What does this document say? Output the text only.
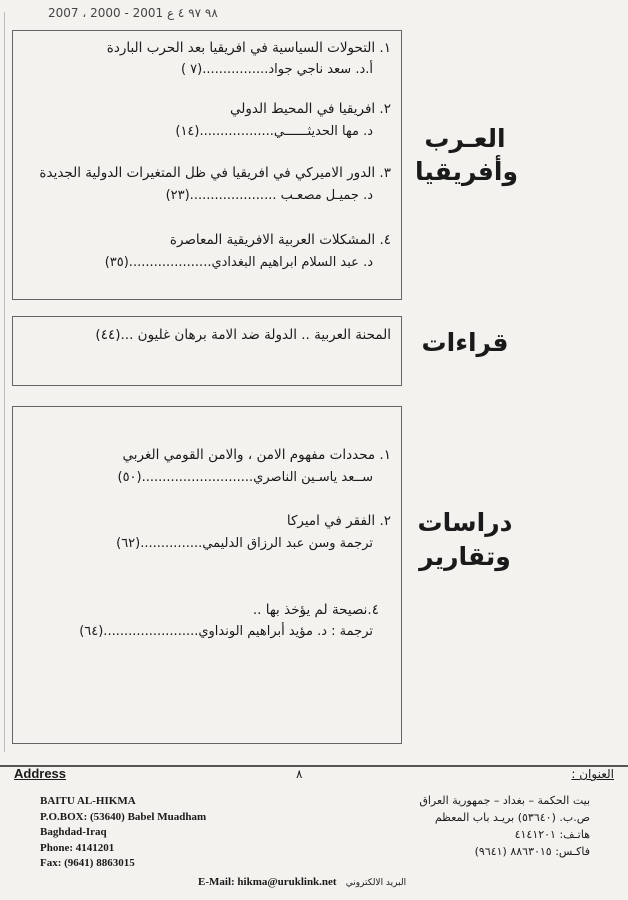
٩٨ ٩٧ ٤ ع 2001 - 2000 ، 2007
١. التحولات السياسية في افريقيا بعد الحرب الباردة
أ.د. سعد ناجي جواد................(٧ )
٢. افريقيا في المحيط الدولي
د. مها الحديثــــــي..................(١٤)
٣. الدور الاميركي في افريقيا في ظل المتغيرات الدولية الجديدة
د. جميـل مصعـب .....................(٢٣)
٤. المشكلات العربية الافريقية المعاصرة
د. عبد السلام ابراهيم البغدادي....................(٣٥)
العـرب
وأفريقيا
المحنة العربية .. الدولة ضد الامة برهان غليون ...(٤٤) قراءات
١. محددات مفهوم الامن ، والامن القومي الغربي
ســعد ياسـين الناصري...........................(٥٠)
٢. الفقر في اميركا
ترجمة وسن عبد الرزاق الدليمي...............(٦٢)
٤.نصيحة لم يؤخذ بها ..
ترجمة : د. مؤيد أبراهيم الونداوي.......................(٦٤)
دراسات
وتقارير
Address	٨	العنوان :
BAITU AL-HIKMA
P.O.BOX: (53640) Babel Muadham
Baghdad-Iraq
Phone: 4141201
Fax: (9641) 8863015
بيت الحكمة – بغداد – جمهورية العراق
ص.ب. (٥٣٦٤٠) بريـد باب المعظم
هاتـف: ٤١٤١٢٠١
فاكـس: ٨٨٦٣٠١٥ (٩٦٤١)
E-Mail: hikma@uruklink.net البريد الالكتروني
